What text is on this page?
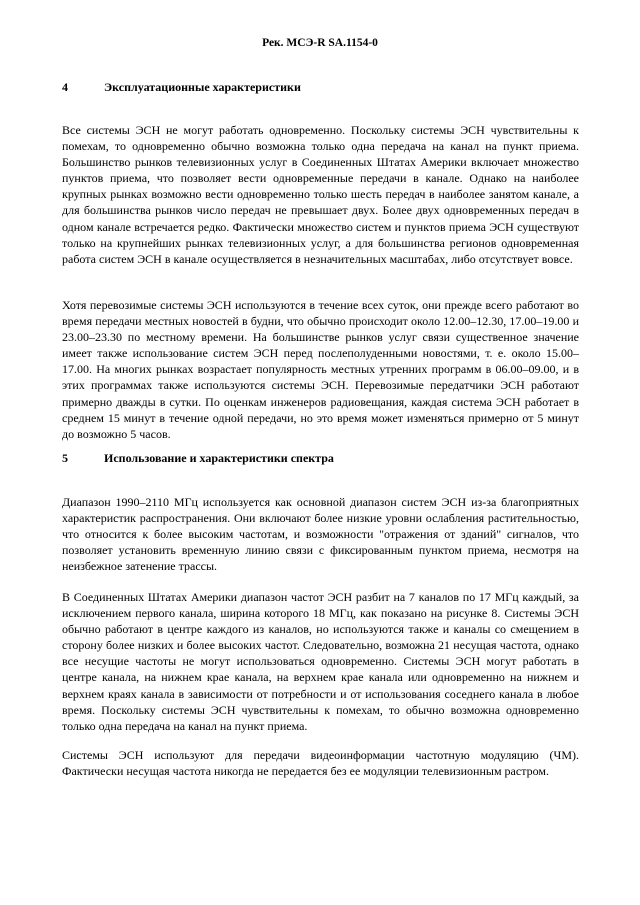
Рек. МСЭ-R SA.1154-0
4	Эксплуатационные характеристики

Все системы ЭСН не могут работать одновременно. Поскольку системы ЭСН чувствительны к помехам, то одновременно обычно возможна только одна передача на канал на пункт приема. Большинство рынков телевизионных услуг в Соединенных Штатах Америки включает множество пунктов приема, что позволяет вести одновременные передачи в канале. Однако на наиболее крупных рынках возможно вести одновременно только шесть передач в наиболее занятом канале, а для большинства рынков число передач не превышает двух. Более двух одновременных передач в одном канале встречается редко. Фактически множество систем и пунктов приема ЭСН существуют только на крупнейших рынках телевизионных услуг, а для большинства регионов одновременная работа систем ЭСН в канале осуществляется в незначительных масштабах, либо отсутствует вовсе.

Хотя перевозимые системы ЭСН используются в течение всех суток, они прежде всего работают во время передачи местных новостей в будни, что обычно происходит около 12.00–12.30, 17.00–19.00 и 23.00–23.30 по местному времени. На большинстве рынков услуг связи существенное значение имеет также использование систем ЭСН перед послеполуденными новостями, т. е. около 15.00–17.00. На многих рынках возрастает популярность местных утренних программ в 06.00–09.00, и в этих программах также используются системы ЭСН. Перевозимые передатчики ЭСН работают примерно дважды в сутки. По оценкам инженеров радиовещания, каждая система ЭСН работает в среднем 15 минут в течение одной передачи, но это время может изменяться примерно от 5 минут до возможно 5 часов.

5	Использование и характеристики спектра

Диапазон 1990–2110 МГц используется как основной диапазон систем ЭСН из-за благоприятных характеристик распространения. Они включают более низкие уровни ослабления растительностью, что относится к более высоким частотам, и возможности "отражения от зданий" сигналов, что позволяет установить временную линию связи с фиксированным пунктом приема, несмотря на неизбежное затенение трассы.

В Соединенных Штатах Америки диапазон частот ЭСН разбит на 7 каналов по 17 МГц каждый, за исключением первого канала, ширина которого 18 МГц, как показано на рисунке 8. Системы ЭСН обычно работают в центре каждого из каналов, но используются также и каналы со смещением в сторону более низких и более высоких частот. Следовательно, возможна 21 несущая частота, однако все несущие частоты не могут использоваться одновременно. Системы ЭСН могут работать в центре канала, на нижнем крае канала, на верхнем крае канала или одновременно на нижнем и верхнем краях канала в зависимости от потребности и от использования соседнего канала в любое время. Поскольку системы ЭСН чувствительны к помехам, то обычно возможна одновременно только одна передача на канал на пункт приема.

Системы ЭСН используют для передачи видеоинформации частотную модуляцию (ЧМ). Фактически несущая частота никогда не передается без ее модуляции телевизионным растром.
